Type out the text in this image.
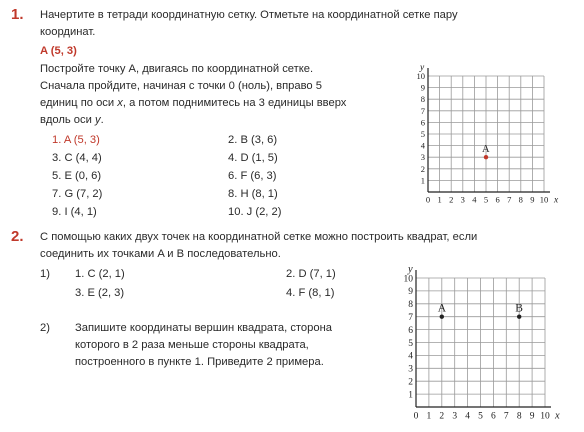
1. Начертите в тетради координатную сетку. Отметьте на координатной сетке пару
координат.
A (5, 3)
Постройте точку A, двигаясь по координатной сетке.
Сначала пройдите, начиная с точки 0 (ноль), вправо 5
единиц по оси x, а потом поднимитесь на 3 единицы вверх
вдоль оси y.
1. A (5, 3)	2. B (3, 6)
3. C (4, 4)	4. D (1, 5)
5. E (0, 6)	6. F (6, 3)
7. G (7, 2)	8. H (8, 1)
9. I (4, 1)	10. J (2, 2)
0 1 2 3 4 5 6 7 8 9 10
1
2
3
4
5
6
7
8
9
10
x
y
A
2. С помощью каких двух точек на координатной сетке можно построить квадрат, если
соединить их точками A и B последовательно.
1) 1. C (2, 1)	2. D (7, 1)
3. E (2, 3)	4. F (8, 1)
2) Запишите координаты вершин квадрата, сторона
которого в 2 раза меньше стороны квадрата,
построенного в пункте 1. Приведите 2 примера.
0 1 2 3 4 5 6 7 8 9 10
1
2
3
4
5
6
7
8
9
10
x
y
A	B
